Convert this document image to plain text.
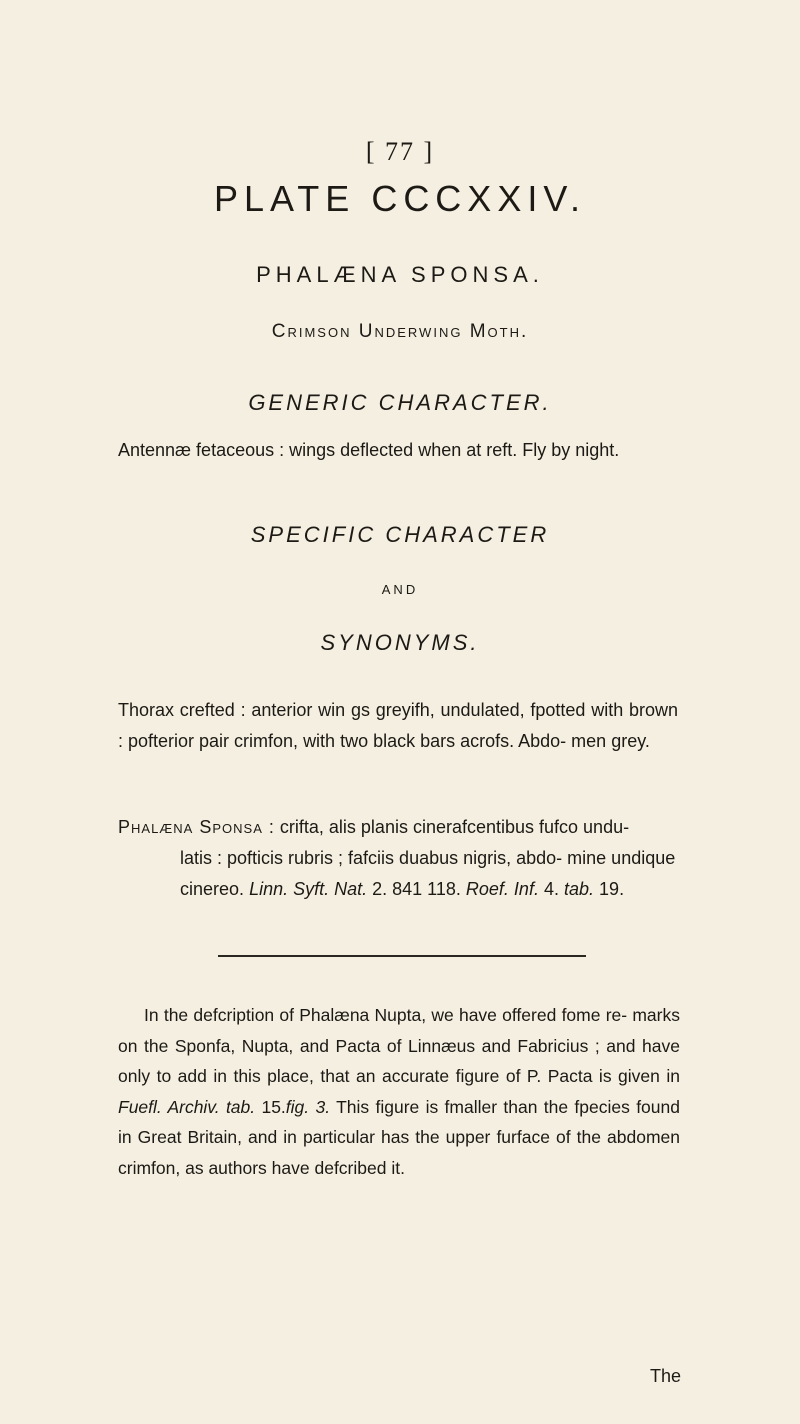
[ 77 ]
PLATE CCCXXIV.
PHALÆNA SPONSA.
Crimson Underwing Moth.
GENERIC CHARACTER.
Antennæ fetaceous : wings deflected when at reft. Fly by night.
SPECIFIC CHARACTER
AND
SYNONYMS.
Thorax crefted : anterior win gs greyifh, undulated, fpotted with brown : pofterior pair crimfon, with two black bars acrofs. Abdo- men grey.
Phalæna Sponsa : crifta, alis planis cinerafcentibus fufco undu-
latis : pofticis rubris ; fafciis duabus nigris, abdo- mine undique cinereo. Linn. Syft. Nat. 2. 841 118. Roef. Inf. 4. tab. 19.
In the defcription of Phalæna Nupta, we have offered fome re- marks on the Sponfa, Nupta, and Pacta of Linnæus and Fabricius ; and have only to add in this place, that an accurate figure of P. Pacta is given in Fuefl. Archiv. tab. 15.fig. 3. This figure is fmaller than the fpecies found in Great Britain, and in particular has the upper furface of the abdomen crimfon, as authors have defcribed it.
The
